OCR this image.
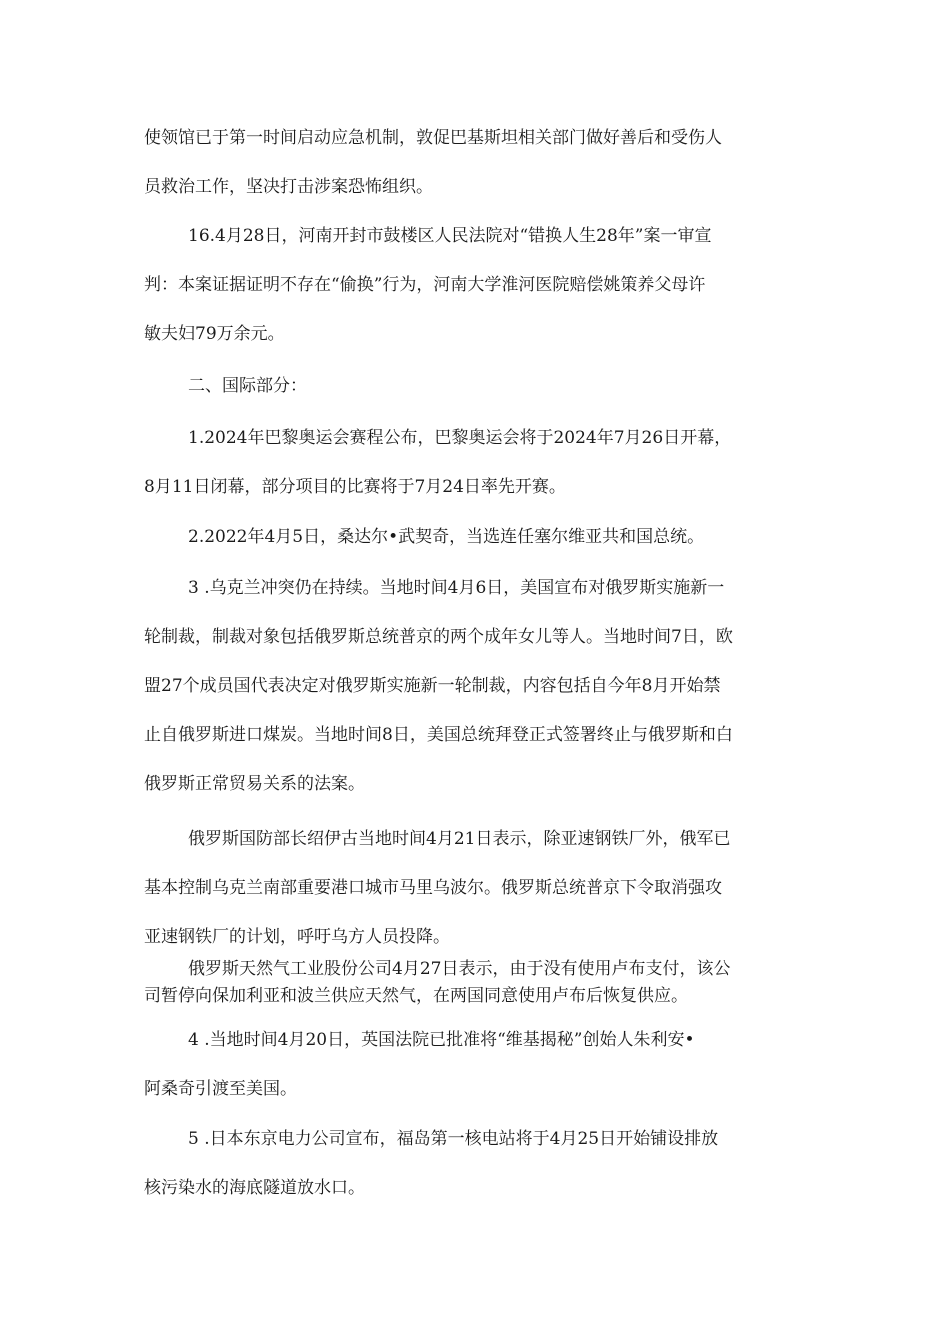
使领馆已于第一时间启动应急机制，敦促巴基斯坦相关部门做好善后和受伤人
员救治工作，坚决打击涉案恐怖组织。

16.4月28日，河南开封市鼓楼区人民法院对“错换人生28年”案一审宣
判：本案证据证明不存在“偷换”行为，河南大学淮河医院赔偿姚策养父母许
敏夫妇79万余元。

二、国际部分：

1.2024年巴黎奥运会赛程公布，巴黎奥运会将于2024年7月26日开幕，
8月11日闭幕，部分项目的比赛将于7月24日率先开赛。

2.2022年4月5日，桑达尔•武契奇，当选连任塞尔维亚共和国总统。

3 .乌克兰冲突仍在持续。当地时间4月6日，美国宣布对俄罗斯实施新一
轮制裁，制裁对象包括俄罗斯总统普京的两个成年女儿等人。当地时间7日，欧
盟27个成员国代表决定对俄罗斯实施新一轮制裁，内容包括自今年8月开始禁
止自俄罗斯进口煤炭。当地时间8日，美国总统拜登正式签署终止与俄罗斯和白
俄罗斯正常贸易关系的法案。

俄罗斯国防部长绍伊古当地时间4月21日表示，除亚速钢铁厂外，俄军已
基本控制乌克兰南部重要港口城市马里乌波尔。俄罗斯总统普京下令取消强攻
亚速钢铁厂的计划，呼吁乌方人员投降。

俄罗斯天然气工业股份公司4月27日表示，由于没有使用卢布支付，该公
司暂停向保加利亚和波兰供应天然气，在两国同意使用卢布后恢复供应。

4 .当地时间4月20日，英国法院已批准将“维基揭秘”创始人朱利安•
阿桑奇引渡至美国。

5 .日本东京电力公司宣布，福岛第一核电站将于4月25日开始铺设排放
核污染水的海底隧道放水口。
